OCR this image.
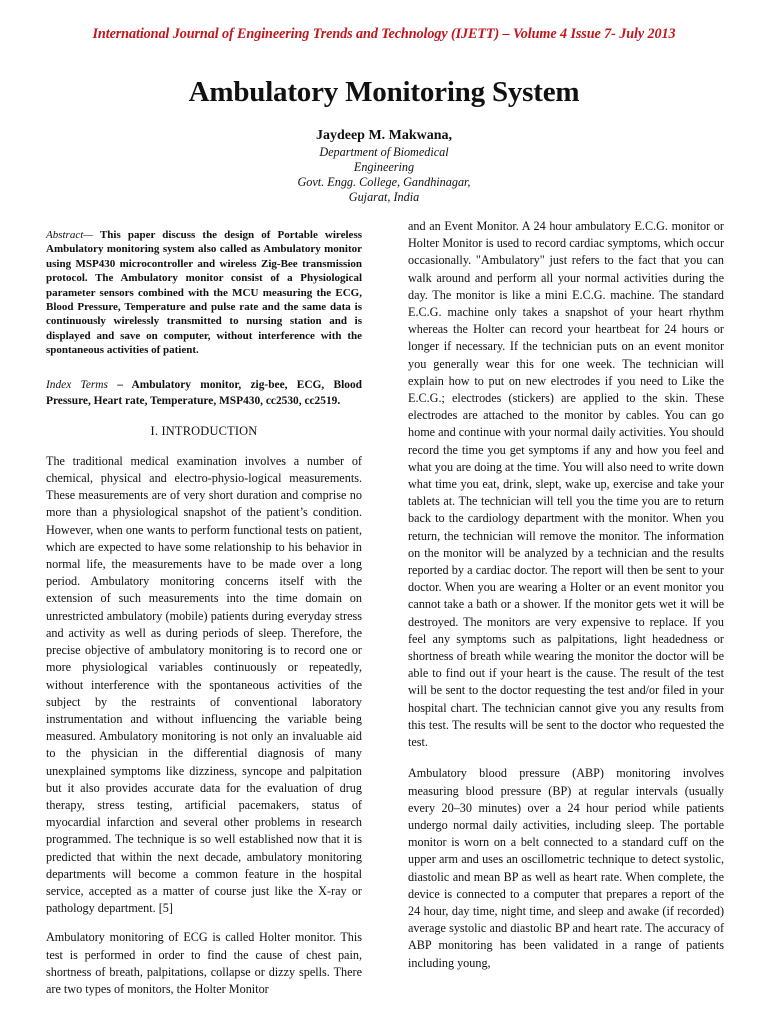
International Journal of Engineering Trends and Technology (IJETT) – Volume 4 Issue 7- July 2013
Ambulatory Monitoring System
Jaydeep M. Makwana,
Department of Biomedical
Engineering
Govt. Engg. College, Gandhinagar,
Gujarat, India

Abstract— This paper discuss the design of Portable wireless Ambulatory monitoring system also called as Ambulatory monitor using MSP430 microcontroller and wireless Zig-Bee transmission protocol. The Ambulatory monitor consist of a Physiological parameter sensors combined with the MCU measuring the ECG, Blood Pressure, Temperature and pulse rate and the same data is continuously wirelessly transmitted to nursing station and is displayed and save on computer, without interference with the spontaneous activities of patient.

Index Terms – Ambulatory monitor, zig-bee, ECG, Blood Pressure, Heart rate, Temperature, MSP430, cc2530, cc2519.

I. INTRODUCTION

The traditional medical examination involves a number of chemical, physical and electro-physio-logical measurements. These measurements are of very short duration and comprise no more than a physiological snapshot of the patient’s condition. However, when one wants to perform functional tests on patient, which are expected to have some relationship to his behavior in normal life, the measurements have to be made over a long period. Ambulatory monitoring concerns itself with the extension of such measurements into the time domain on unrestricted ambulatory (mobile) patients during everyday stress and activity as well as during periods of sleep. Therefore, the precise objective of ambulatory monitoring is to record one or more physiological variables continuously or repeatedly, without interference with the spontaneous activities of the subject by the restraints of conventional laboratory instrumentation and without influencing the variable being measured. Ambulatory monitoring is not only an invaluable aid to the physician in the differential diagnosis of many unexplained symptoms like dizziness, syncope and palpitation but it also provides accurate data for the evaluation of drug therapy, stress testing, artificial pacemakers, status of myocardial infarction and several other problems in research programmed. The technique is so well established now that it is predicted that within the next decade, ambulatory monitoring departments will become a common feature in the hospital service, accepted as a matter of course just like the X-ray or pathology department. [5]

Ambulatory monitoring of ECG is called Holter monitor. This test is performed in order to find the cause of chest pain, shortness of breath, palpitations, collapse or dizzy spells. There are two types of monitors, the Holter Monitor

and an Event Monitor. A 24 hour ambulatory E.C.G. monitor or Holter Monitor is used to record cardiac symptoms, which occur occasionally. "Ambulatory" just refers to the fact that you can walk around and perform all your normal activities during the day. The monitor is like a mini E.C.G. machine. The standard E.C.G. machine only takes a snapshot of your heart rhythm whereas the Holter can record your heartbeat for 24 hours or longer if necessary. If the technician puts on an event monitor you generally wear this for one week. The technician will explain how to put on new electrodes if you need to Like the E.C.G.; electrodes (stickers) are applied to the skin. These electrodes are attached to the monitor by cables. You can go home and continue with your normal daily activities. You should record the time you get symptoms if any and how you feel and what you are doing at the time. You will also need to write down what time you eat, drink, slept, wake up, exercise and take your tablets at. The technician will tell you the time you are to return back to the cardiology department with the monitor. When you return, the technician will remove the monitor. The information on the monitor will be analyzed by a technician and the results reported by a cardiac doctor. The report will then be sent to your doctor. When you are wearing a Holter or an event monitor you cannot take a bath or a shower. If the monitor gets wet it will be destroyed. The monitors are very expensive to replace. If you feel any symptoms such as palpitations, light headedness or shortness of breath while wearing the monitor the doctor will be able to find out if your heart is the cause. The result of the test will be sent to the doctor requesting the test and/or filed in your hospital chart. The technician cannot give you any results from this test. The results will be sent to the doctor who requested the test.

Ambulatory blood pressure (ABP) monitoring involves measuring blood pressure (BP) at regular intervals (usually every 20–30 minutes) over a 24 hour period while patients undergo normal daily activities, including sleep. The portable monitor is worn on a belt connected to a standard cuff on the upper arm and uses an oscillometric technique to detect systolic, diastolic and mean BP as well as heart rate. When complete, the device is connected to a computer that prepares a report of the 24 hour, day time, night time, and sleep and awake (if recorded) average systolic and diastolic BP and heart rate. The accuracy of ABP monitoring has been validated in a range of patients including young,
